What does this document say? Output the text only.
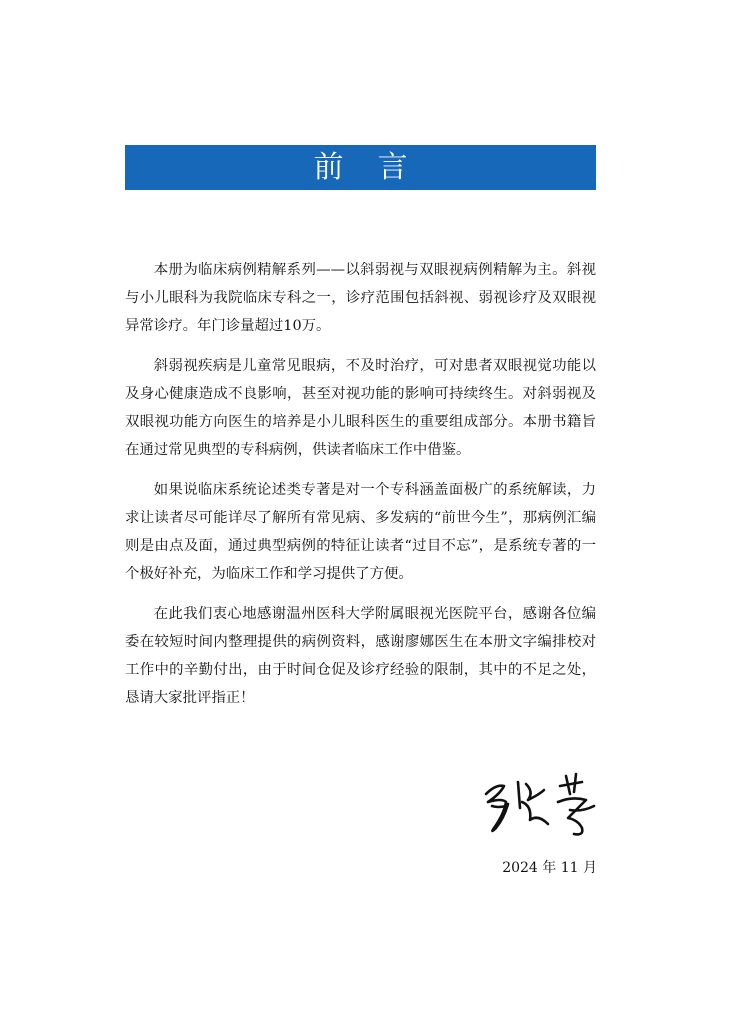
前言

本册为临床病例精解系列——以斜弱视与双眼视病例精解为主。斜视与小儿眼科为我院临床专科之一，诊疗范围包括斜视、弱视诊疗及双眼视异常诊疗。年门诊量超过10万。

斜弱视疾病是儿童常见眼病，不及时治疗，可对患者双眼视觉功能以及身心健康造成不良影响，甚至对视功能的影响可持续终生。对斜弱视及双眼视功能方向医生的培养是小儿眼科医生的重要组成部分。本册书籍旨在通过常见典型的专科病例，供读者临床工作中借鉴。

如果说临床系统论述类专著是对一个专科涵盖面极广的系统解读，力求让读者尽可能详尽了解所有常见病、多发病的“前世今生”，那病例汇编则是由点及面，通过典型病例的特征让读者“过目不忘”，是系统专著的一个极好补充，为临床工作和学习提供了方便。

在此我们衷心地感谢温州医科大学附属眼视光医院平台，感谢各位编委在较短时间内整理提供的病例资料，感谢廖娜医生在本册文字编排校对工作中的辛勤付出，由于时间仓促及诊疗经验的限制，其中的不足之处，恳请大家批评指正！

2024 年 11 月
